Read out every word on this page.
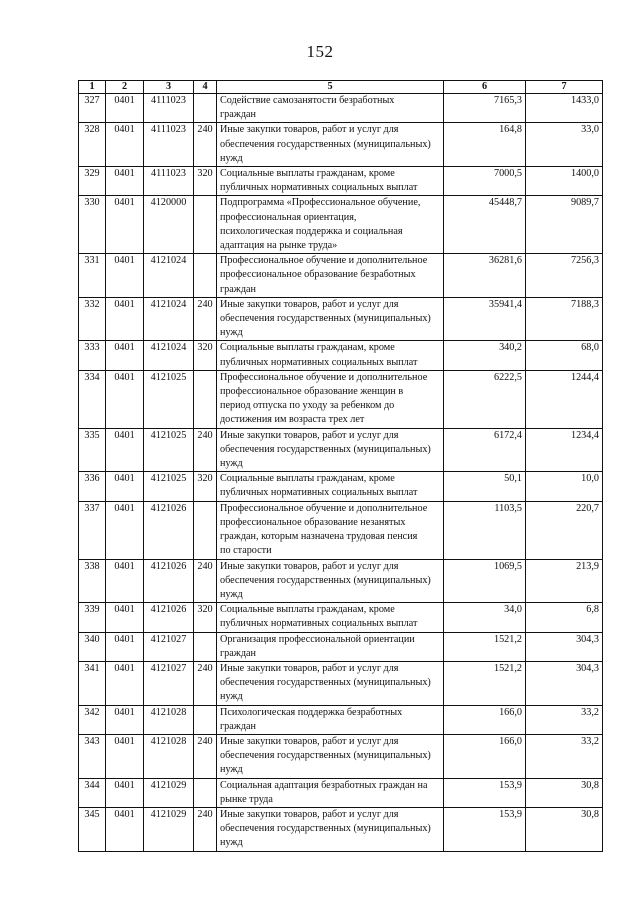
152
1	2	3	4	5	6	7
327	0401	4111023		Содействие самозанятости безработных
граждан	7165,3	1433,0
328	0401	4111023	240	Иные закупки товаров, работ и услуг для
обеспечения государственных (муниципальных)
нужд	164,8	33,0
329	0401	4111023	320	Социальные выплаты гражданам, кроме
публичных нормативных социальных выплат	7000,5	1400,0
330	0401	4120000		Подпрограмма «Профессиональное обучение,
профессиональная ориентация,
психологическая поддержка и социальная
адаптация на рынке труда»	45448,7	9089,7
331	0401	4121024		Профессиональное обучение и дополнительное
профессиональное образование безработных
граждан	36281,6	7256,3
332	0401	4121024	240	Иные закупки товаров, работ и услуг для
обеспечения государственных (муниципальных)
нужд	35941,4	7188,3
333	0401	4121024	320	Социальные выплаты гражданам, кроме
публичных нормативных социальных выплат	340,2	68,0
334	0401	4121025		Профессиональное обучение и дополнительное
профессиональное образование женщин в
период отпуска по уходу за ребенком до
достижения им возраста трех лет	6222,5	1244,4
335	0401	4121025	240	Иные закупки товаров, работ и услуг для
обеспечения государственных (муниципальных)
нужд	6172,4	1234,4
336	0401	4121025	320	Социальные выплаты гражданам, кроме
публичных нормативных социальных выплат	50,1	10,0
337	0401	4121026		Профессиональное обучение и дополнительное
профессиональное образование незанятых
граждан, которым назначена трудовая пенсия
по старости	1103,5	220,7
338	0401	4121026	240	Иные закупки товаров, работ и услуг для
обеспечения государственных (муниципальных)
нужд	1069,5	213,9
339	0401	4121026	320	Социальные выплаты гражданам, кроме
публичных нормативных социальных выплат	34,0	6,8
340	0401	4121027		Организация профессиональной ориентации
граждан	1521,2	304,3
341	0401	4121027	240	Иные закупки товаров, работ и услуг для
обеспечения государственных (муниципальных)
нужд	1521,2	304,3
342	0401	4121028		Психологическая поддержка безработных
граждан	166,0	33,2
343	0401	4121028	240	Иные закупки товаров, работ и услуг для
обеспечения государственных (муниципальных)
нужд	166,0	33,2
344	0401	4121029		Социальная адаптация безработных граждан на
рынке труда	153,9	30,8
345	0401	4121029	240	Иные закупки товаров, работ и услуг для
обеспечения государственных (муниципальных)
нужд	153,9	30,8
